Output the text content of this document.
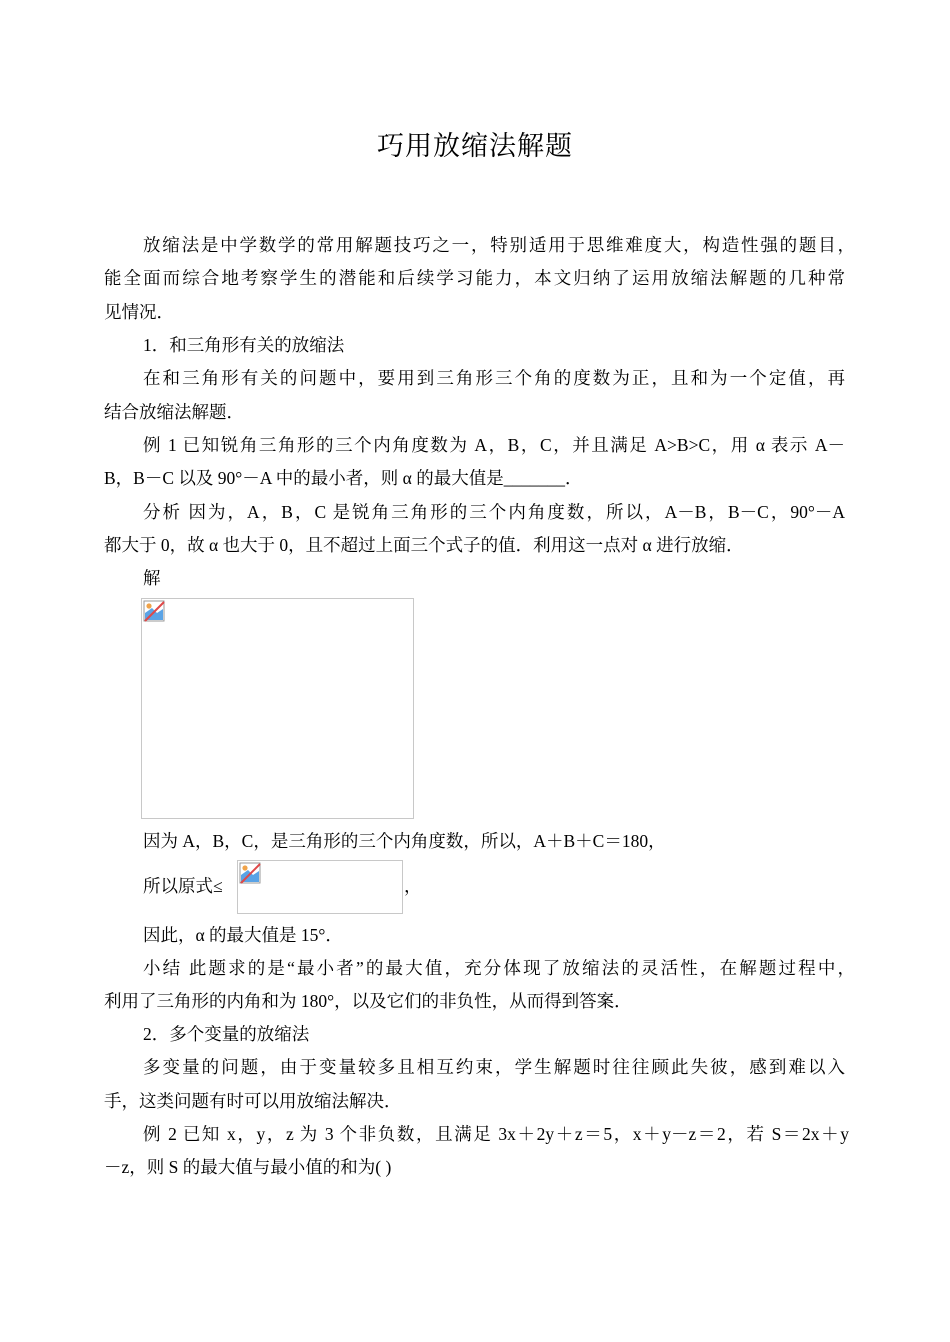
巧用放缩法解题
放缩法是中学数学的常用解题技巧之一，特别适用于思维难度大，构造性强的题目，
能全面而综合地考察学生的潜能和后续学习能力，本文归纳了运用放缩法解题的几种常
见情况．
1．和三角形有关的放缩法
在和三角形有关的问题中，要用到三角形三个角的度数为正，且和为一个定值，再
结合放缩法解题．
例 1 已知锐角三角形的三个内角度数为 A，B，C，并且满足 A>B>C，用 α 表示 A－
B，B－C 以及 90°－A 中的最小者，则 α 的最大值是_______．
分析 因为，A，B，C 是锐角三角形的三个内角度数，所以，A－B，B－C，90°－A
都大于 0，故 α 也大于 0，且不超过上面三个式子的值．利用这一点对 α 进行放缩．
解
因为 A，B，C，是三角形的三个内角度数，所以，A＋B＋C＝180，
所以原式≤	，
因此，α 的最大值是 15°．
小结 此题求的是“最小者”的最大值，充分体现了放缩法的灵活性，在解题过程中，
利用了三角形的内角和为 180°，以及它们的非负性，从而得到答案．
2．多个变量的放缩法
多变量的问题，由于变量较多且相互约束，学生解题时往往顾此失彼，感到难以入
手，这类问题有时可以用放缩法解决．
例 2 已知 x，y，z 为 3 个非负数，且满足 3x＋2y＋z＝5，x＋y－z＝2，若 S＝2x＋y
－z，则 S 的最大值与最小值的和为( )
